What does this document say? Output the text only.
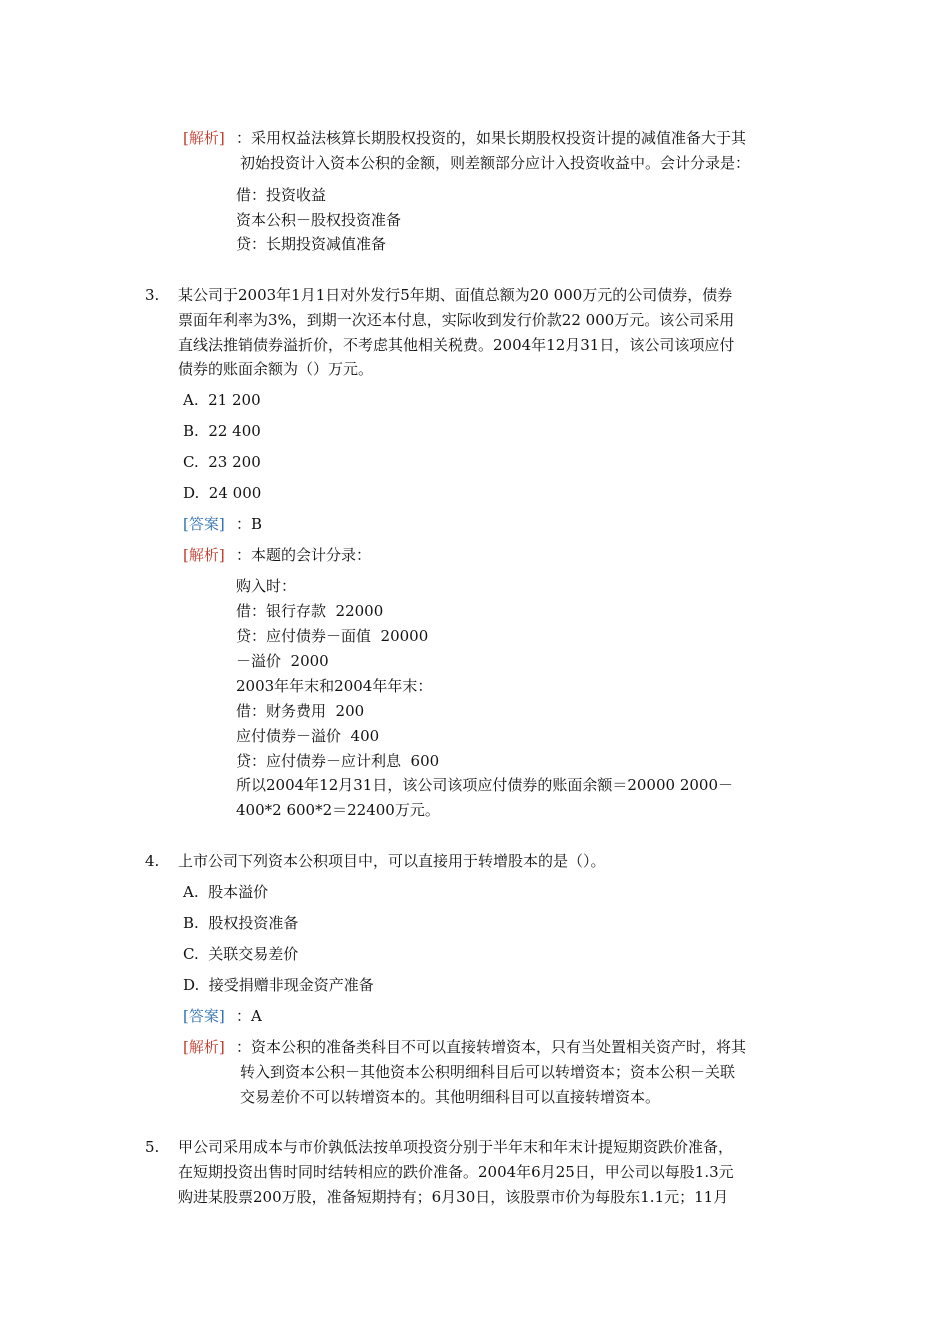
[解析] ：采用权益法核算长期股权投资的，如果长期股权投资计提的减值准备大于其
初始投资计入资本公积的金额，则差额部分应计入投资收益中。会计分录是：
借：投资收益
资本公积－股权投资准备
贷：长期投资减值准备
3. 某公司于2003年1月1日对外发行5年期、面值总额为20 000万元的公司债券，债券
票面年利率为3%，到期一次还本付息，实际收到发行价款22 000万元。该公司采用
直线法推销债券溢折价，不考虑其他相关税费。2004年12月31日，该公司该项应付
债券的账面余额为（）万元。
A.  21 200
B.  22 400
C.  23 200
D.  24 000
[答案] ：B
[解析] ：本题的会计分录：
购入时：
借：银行存款  22000
贷：应付债券－面值  20000
－溢价  2000
2003年年末和2004年年末：
借：财务费用  200
应付债券－溢价  400
贷：应付债券－应计利息  600
所以2004年12月31日，该公司该项应付债券的账面余额＝20000 2000－
400*2 600*2＝22400万元。
4. 上市公司下列资本公积项目中，可以直接用于转增股本的是（）。
A.  股本溢价
B.  股权投资准备
C.  关联交易差价
D.  接受捐赠非现金资产准备
[答案] ：A
[解析] ：资本公积的准备类科目不可以直接转增资本，只有当处置相关资产时，将其
转入到资本公积－其他资本公积明细科目后可以转增资本；资本公积－关联
交易差价不可以转增资本的。其他明细科目可以直接转增资本。
5. 甲公司采用成本与市价孰低法按单项投资分别于半年末和年末计提短期资跌价准备，
在短期投资出售时同时结转相应的跌价准备。2004年6月25日，甲公司以每股1.3元
购进某股票200万股，准备短期持有；6月30日，该股票市价为每股东1.1元；11月
